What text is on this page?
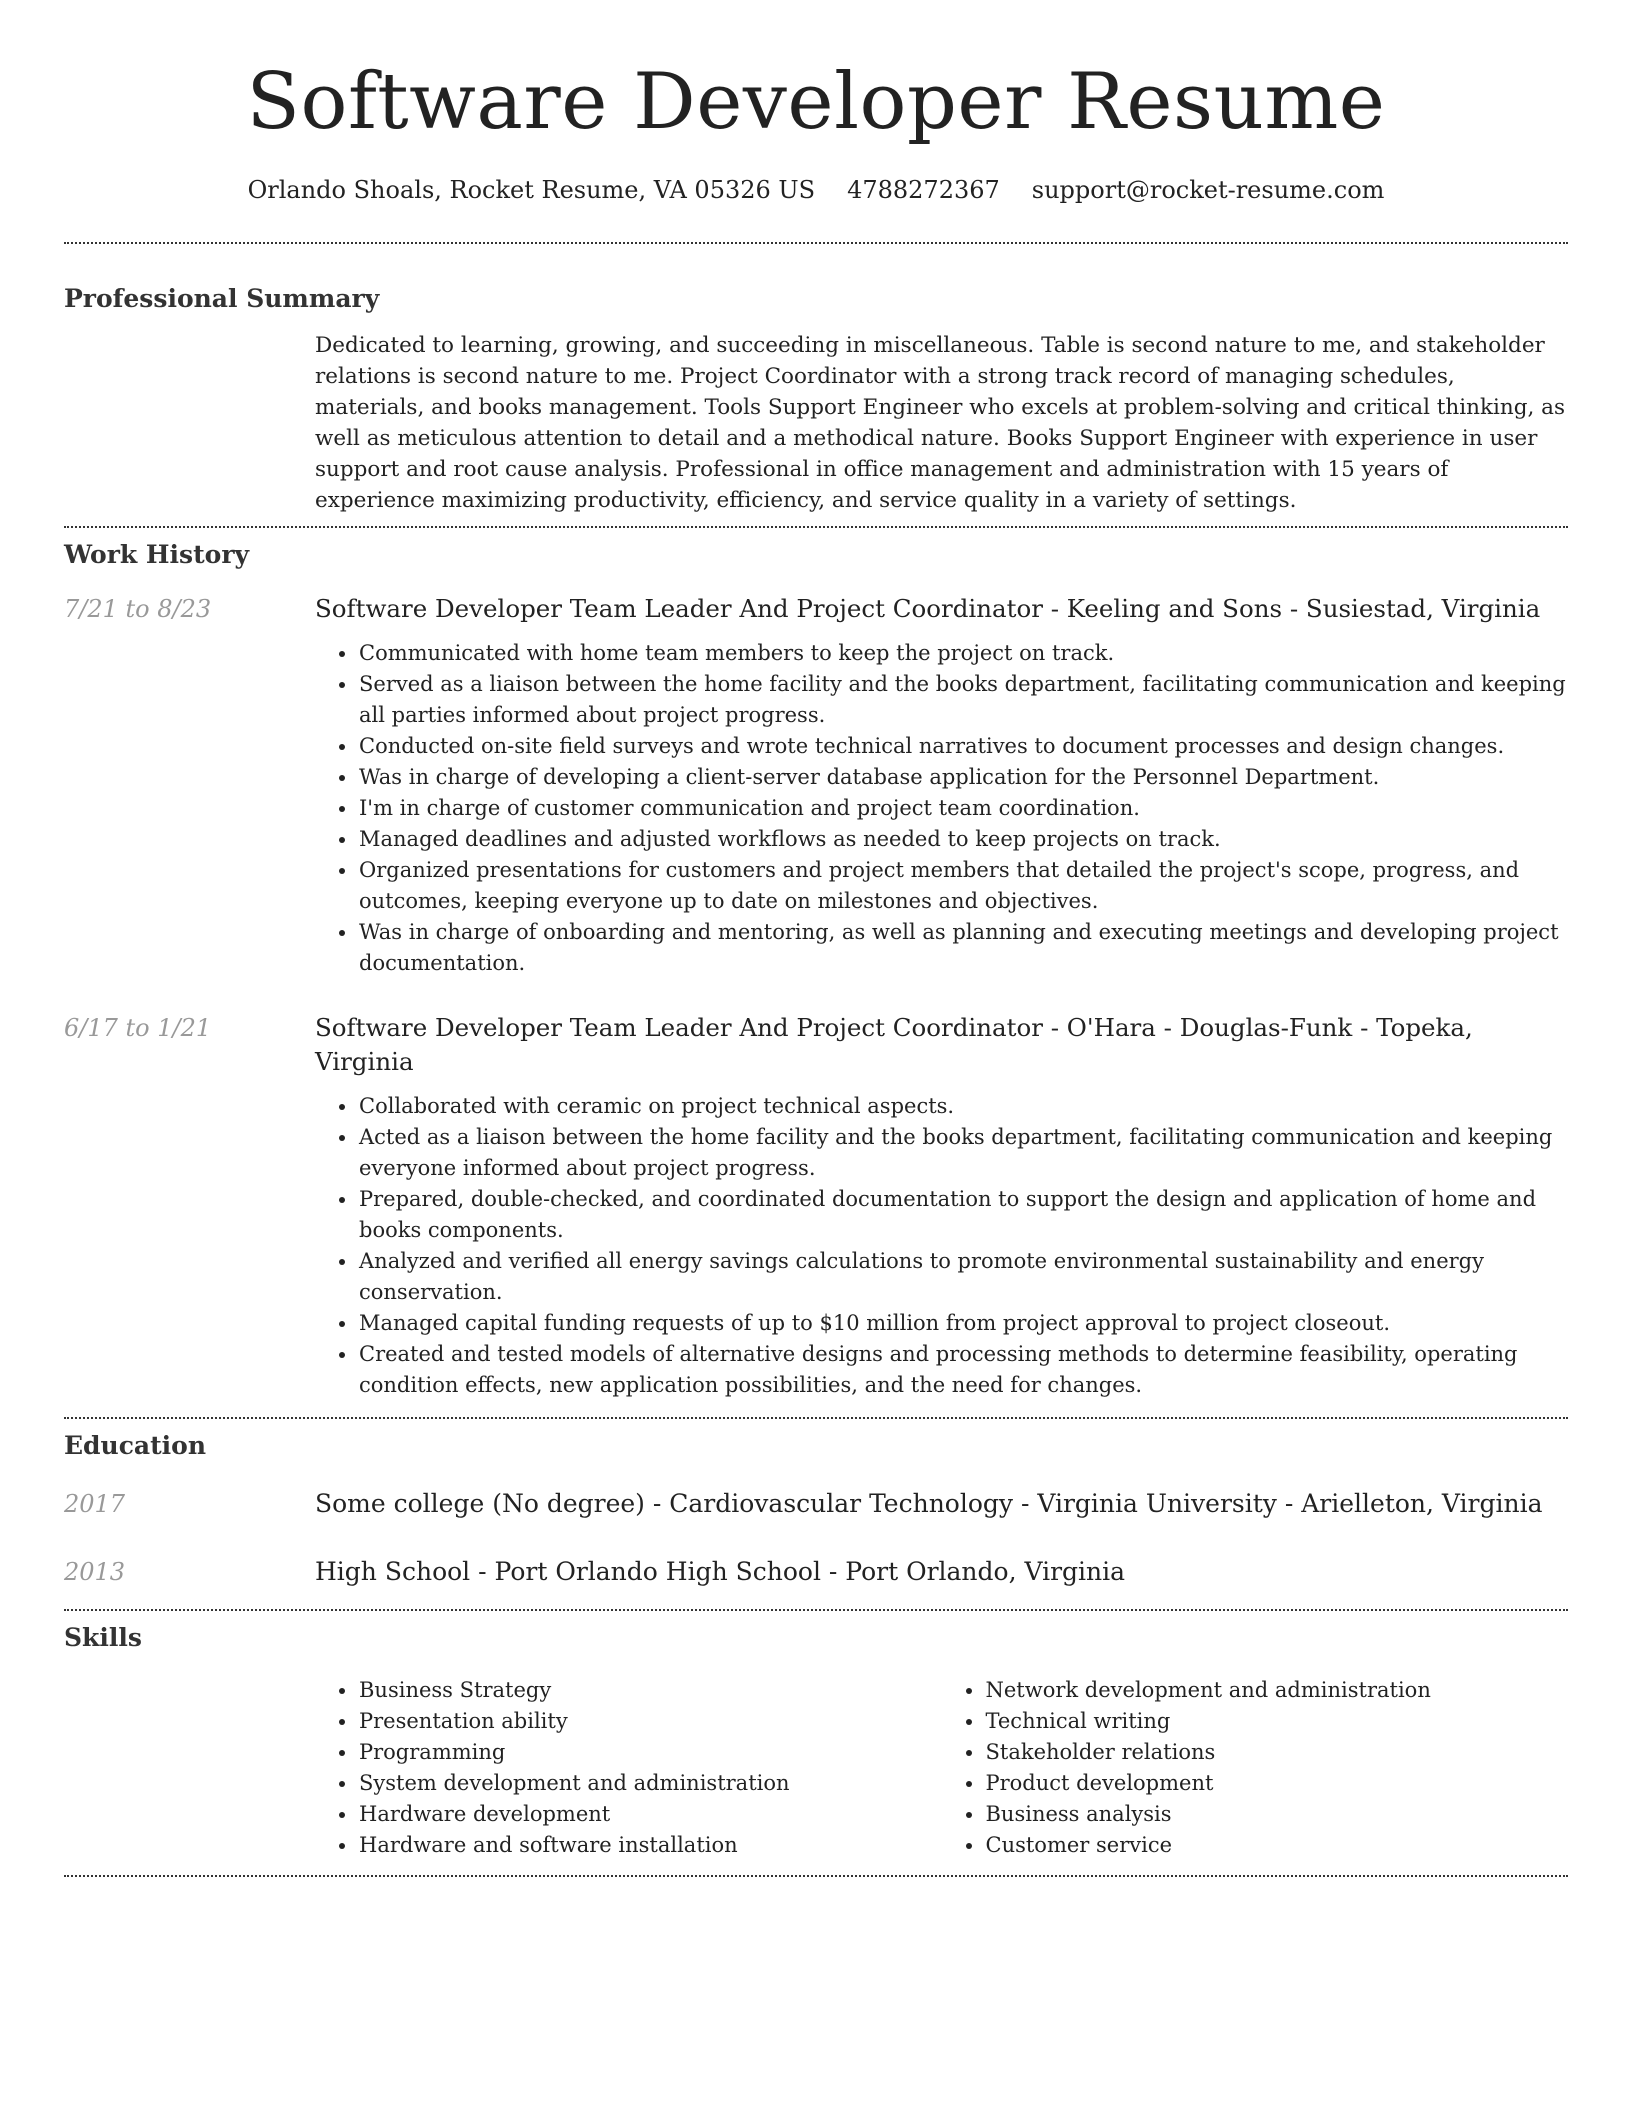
Software Developer Resume
Orlando Shoals, Rocket Resume, VA 05326 US 4788272367 support@rocket-resume.com
Professional Summary

Dedicated to learning, growing, and succeeding in miscellaneous. Table is second nature to me, and stakeholder relations is second nature to me. Project Coordinator with a strong track record of managing schedules, materials, and books management. Tools Support Engineer who excels at problem-solving and critical thinking, as well as meticulous attention to detail and a methodical nature. Books Support Engineer with experience in user support and root cause analysis. Professional in office management and administration with 15 years of experience maximizing productivity, efficiency, and service quality in a variety of settings.

Work History
7/21 to 8/23	Software Developer Team Leader And Project Coordinator - Keeling and Sons - Susiestad, Virginia
Communicated with home team members to keep the project on track.
Served as a liaison between the home facility and the books department, facilitating communication and keeping all parties informed about project progress.
Conducted on-site field surveys and wrote technical narratives to document processes and design changes.
Was in charge of developing a client-server database application for the Personnel Department.
I'm in charge of customer communication and project team coordination.
Managed deadlines and adjusted workflows as needed to keep projects on track.
Organized presentations for customers and project members that detailed the project's scope, progress, and outcomes, keeping everyone up to date on milestones and objectives.
Was in charge of onboarding and mentoring, as well as planning and executing meetings and developing project documentation.
6/17 to 1/21	Software Developer Team Leader And Project Coordinator - O'Hara - Douglas-Funk - Topeka, Virginia
Collaborated with ceramic on project technical aspects.
Acted as a liaison between the home facility and the books department, facilitating communication and keeping everyone informed about project progress.
Prepared, double-checked, and coordinated documentation to support the design and application of home and books components.
Analyzed and verified all energy savings calculations to promote environmental sustainability and energy conservation.
Managed capital funding requests of up to $10 million from project approval to project closeout.
Created and tested models of alternative designs and processing methods to determine feasibility, operating condition effects, new application possibilities, and the need for changes.
Education
2017	Some college (No degree) - Cardiovascular Technology - Virginia University - Arielleton, Virginia
2013	High School - Port Orlando High School - Port Orlando, Virginia
Skills
Business Strategy
Presentation ability
Programming
System development and administration
Hardware development
Hardware and software installation
Network development and administration
Technical writing
Stakeholder relations
Product development
Business analysis
Customer service
